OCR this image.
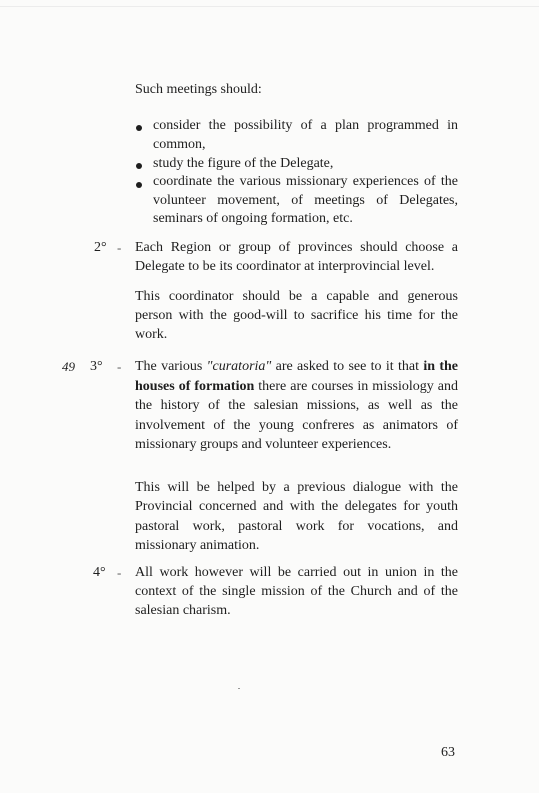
Such meetings should:

consider the possibility of a plan programmed in common,
study the figure of the Delegate,
coordinate the various missionary experiences of the volunteer movement, of meetings of Delegates, seminars of ongoing formation, etc.
2° - Each Region or group of provinces should choose a Delegate to be its coordinator at interprovincial level.

This coordinator should be a capable and generous person with the good-will to sacrifice his time for the work.

49 3° - The various "curatoria" are asked to see to it that in the houses of formation there are courses in missiology and the history of the salesian missions, as well as the involvement of the young confreres as animators of missionary groups and volunteer experiences.

This will be helped by a previous dialogue with the Provincial concerned and with the delegates for youth pastoral work, pastoral work for vocations, and missionary animation.

4° - All work however will be carried out in union in the context of the single mission of the Church and of the salesian charism.

63
